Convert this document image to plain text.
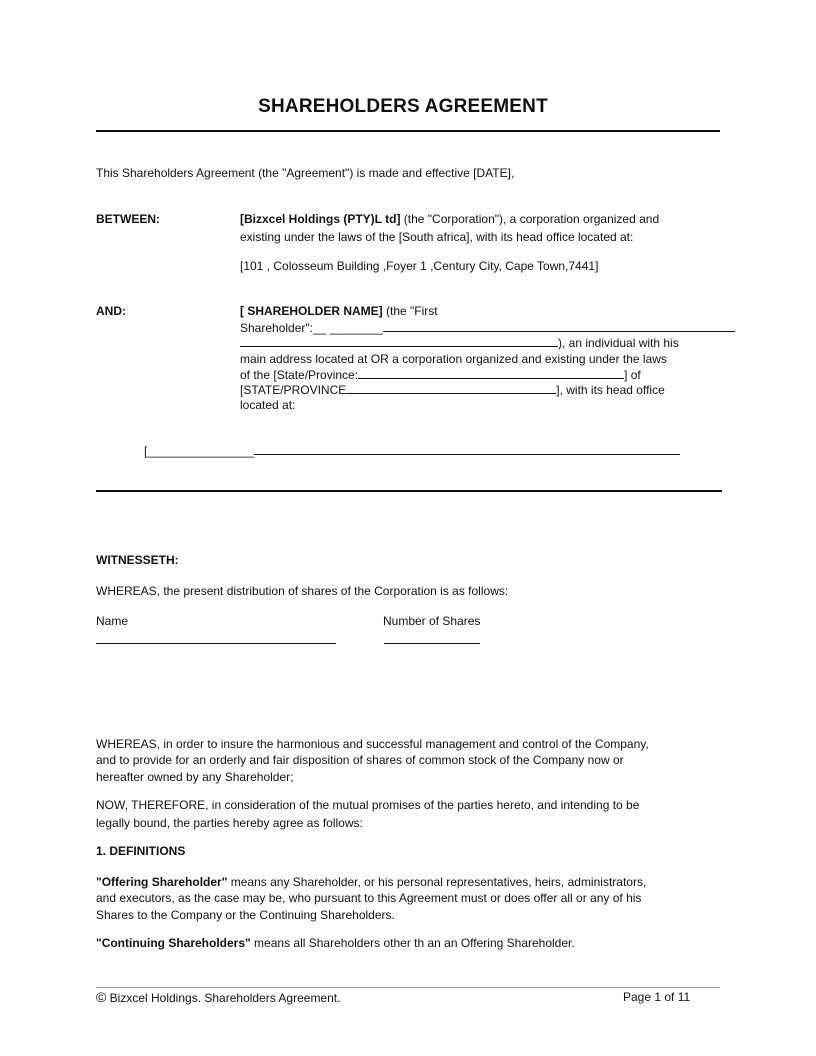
SHAREHOLDERS AGREEMENT
This Shareholders Agreement (the "Agreement") is made and effective [DATE],
BETWEEN:	[Bizxcel Holdings (PTY)L td] (the "Corporation"), a corporation organized and
existing under the laws of the [South africa], with its head office located at:
[101 , Colosseum Building ,Foyer 1 ,Century City, Cape Town,7441]
AND:	[ SHAREHOLDER NAME] (the "First
Shareholder":__ ________
), an individual with his
main address located at OR a corporation organized and existing under the laws
of the [State/Province:	] of
[STATE/PROVINCE	], with its head office
located at:
[________________
WITNESSETH:
WHEREAS, the present distribution of shares of the Corporation is as follows:
Name	Number of Shares
WHEREAS, in order to insure the harmonious and successful management and control of the Company,
and to provide for an orderly and fair disposition of shares of common stock of the Company now or
hereafter owned by any Shareholder;
NOW, THEREFORE, in consideration of the mutual promises of the parties hereto, and intending to be
legally bound, the parties hereby agree as follows:
1. DEFINITIONS
"Offering Shareholder" means any Shareholder, or his personal representatives, heirs, administrators,
and executors, as the case may be, who pursuant to this Agreement must or does offer all or any of his
Shares to the Company or the Continuing Shareholders.
"Continuing Shareholders" means all Shareholders other th an an Offering Shareholder.
© Bizxcel Holdings. Shareholders Agreement.	Page 1 of 11
